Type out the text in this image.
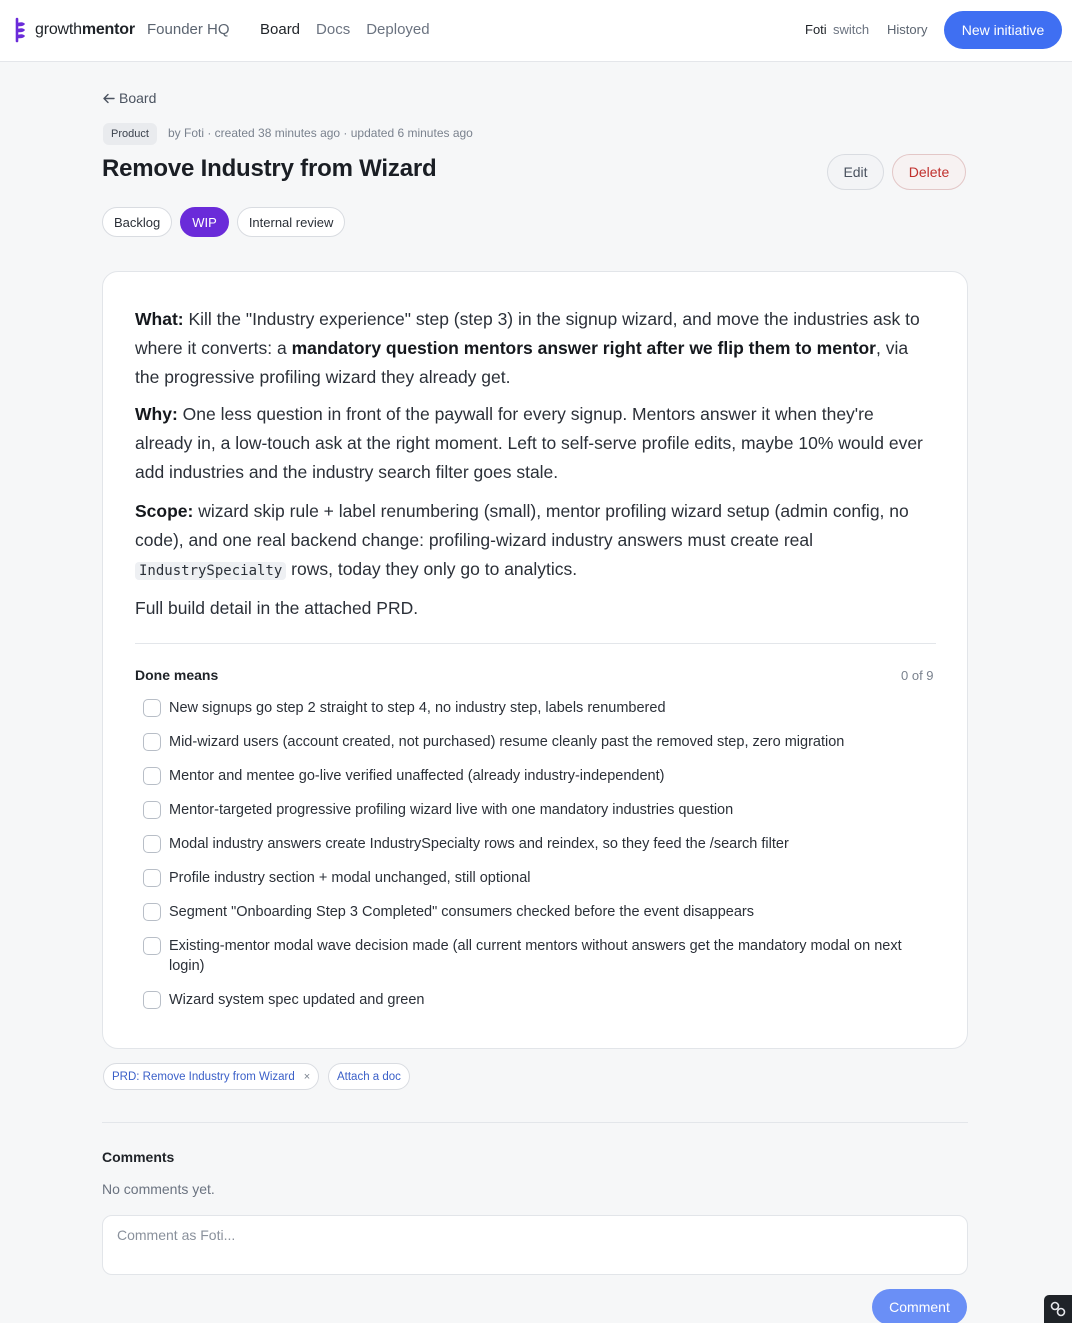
growthmentor Founder HQ Board Docs Deployed	Foti switch History	New initiative
Board
Product	by Foti · created 38 minutes ago · updated 6 minutes ago
Remove Industry from Wizard	Edit	Delete
Backlog	WIP	Internal review

What: Kill the "Industry experience" step (step 3) in the signup wizard, and move the industries ask to where it converts: a mandatory question mentors answer right after we flip them to mentor, via the progressive profiling wizard they already get.

Why: One less question in front of the paywall for every signup. Mentors answer it when they're already in, a low-touch ask at the right moment. Left to self-serve profile edits, maybe 10% would ever add industries and the industry search filter goes stale.

Scope: wizard skip rule + label renumbering (small), mentor profiling wizard setup (admin config, no code), and one real backend change: profiling-wizard industry answers must create real IndustrySpecialty rows, today they only go to analytics.

Full build detail in the attached PRD.

Done means	0 of 9
New signups go step 2 straight to step 4, no industry step, labels renumbered
Mid-wizard users (account created, not purchased) resume cleanly past the removed step, zero migration
Mentor and mentee go-live verified unaffected (already industry-independent)
Mentor-targeted progressive profiling wizard live with one mandatory industries question
Modal industry answers create IndustrySpecialty rows and reindex, so they feed the /search filter
Profile industry section + modal unchanged, still optional
Segment "Onboarding Step 3 Completed" consumers checked before the event disappears
Existing-mentor modal wave decision made (all current mentors without answers get the mandatory modal on next login)
Wizard system spec updated and green
PRD: Remove Industry from Wizard ×	Attach a doc
Comments
No comments yet.
Comment as Foti...
Comment
